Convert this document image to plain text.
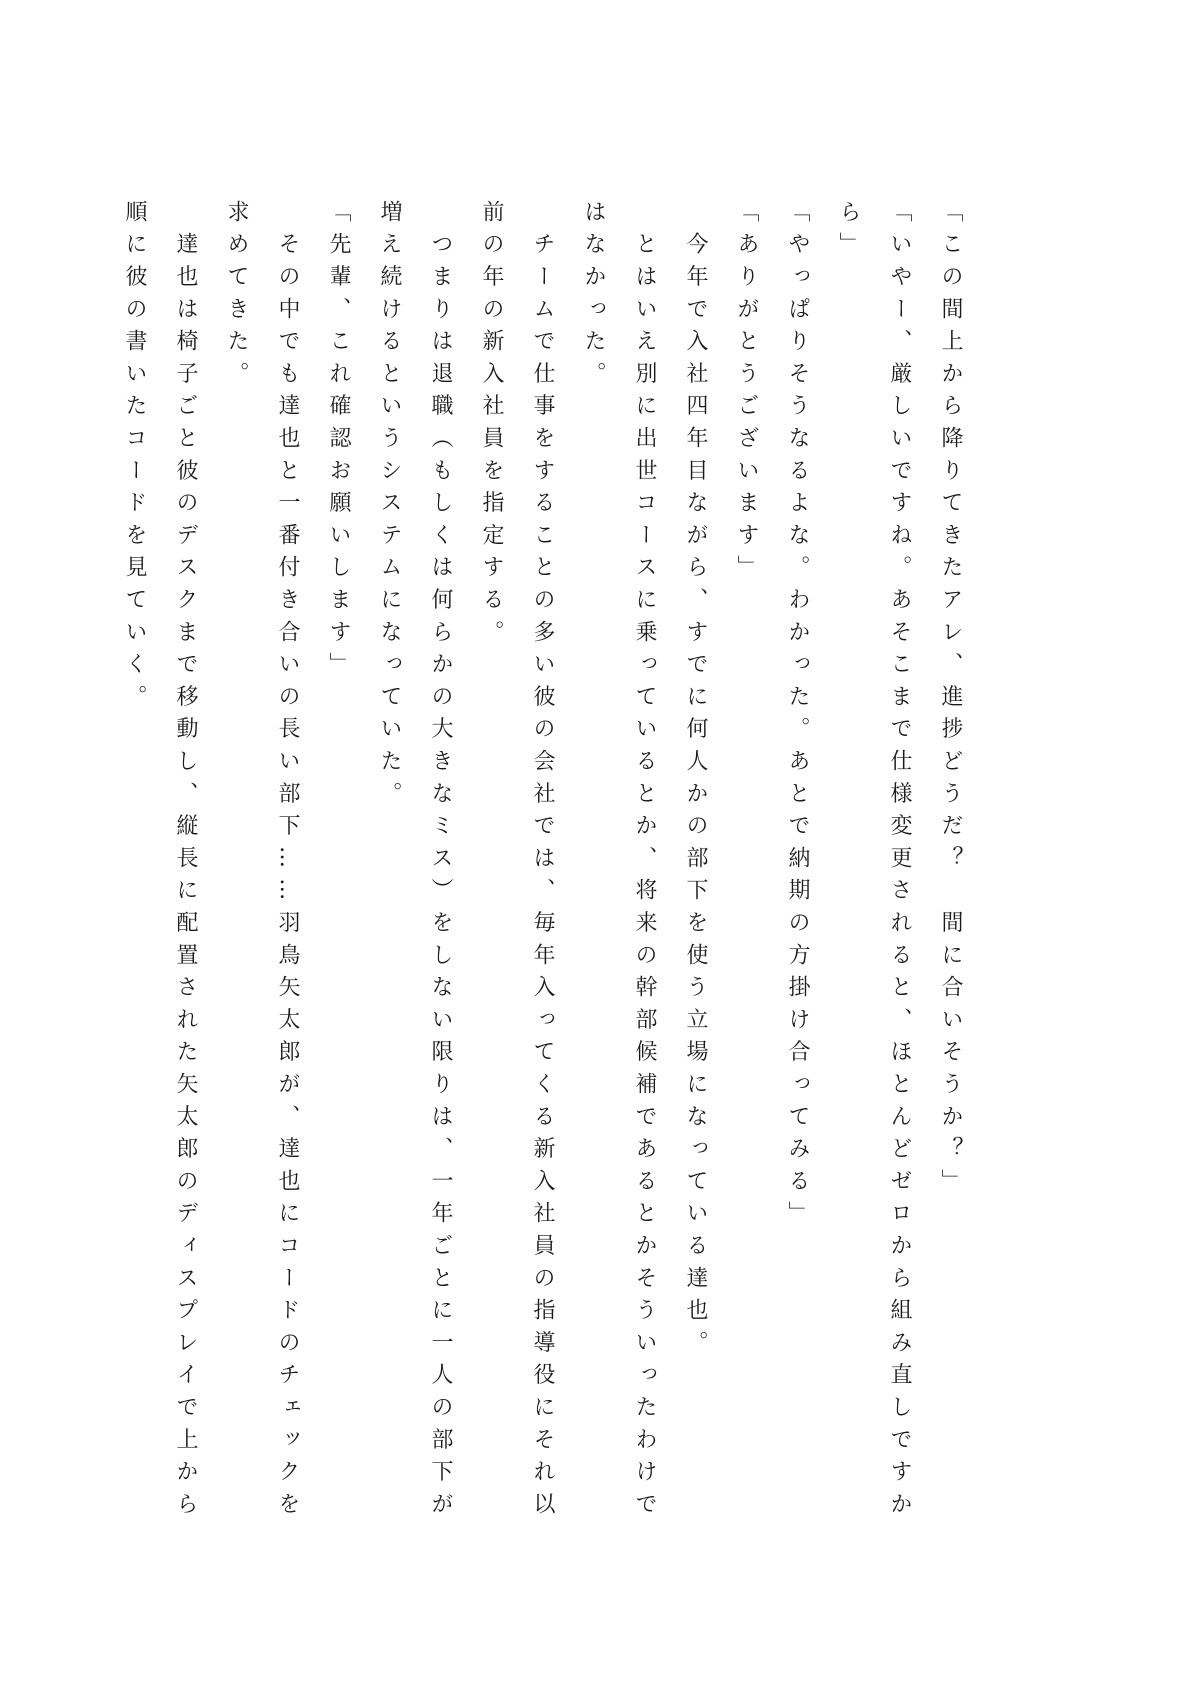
「この間上から降りてきたアレ、進捗どうだ？　間に合いそうか？」

「いやー、厳しいですね。あそこまで仕様変更されると、ほとんどゼロから組み直しですから」

「やっぱりそうなるよな。わかった。あとで納期の方掛け合ってみる」

「ありがとうございます」

　今年で入社四年目ながら、すでに何人かの部下を使う立場になっている達也。

　とはいえ別に出世コースに乗っているとか、将来の幹部候補であるとかそういったわけではなかった。

　チームで仕事をすることの多い彼の会社では、毎年入ってくる新入社員の指導役にそれ以前の年の新入社員を指定する。

　つまりは退職（もしくは何らかの大きなミス）をしない限りは、一年ごとに一人の部下が増え続けるというシステムになっていた。

「先輩、これ確認お願いします」

　その中でも達也と一番付き合いの長い部下……羽鳥矢太郎が、達也にコードのチェックを求めてきた。

　達也は椅子ごと彼のデスクまで移動し、縦長に配置された矢太郎のディスプレイで上から順に彼の書いたコードを見ていく。
